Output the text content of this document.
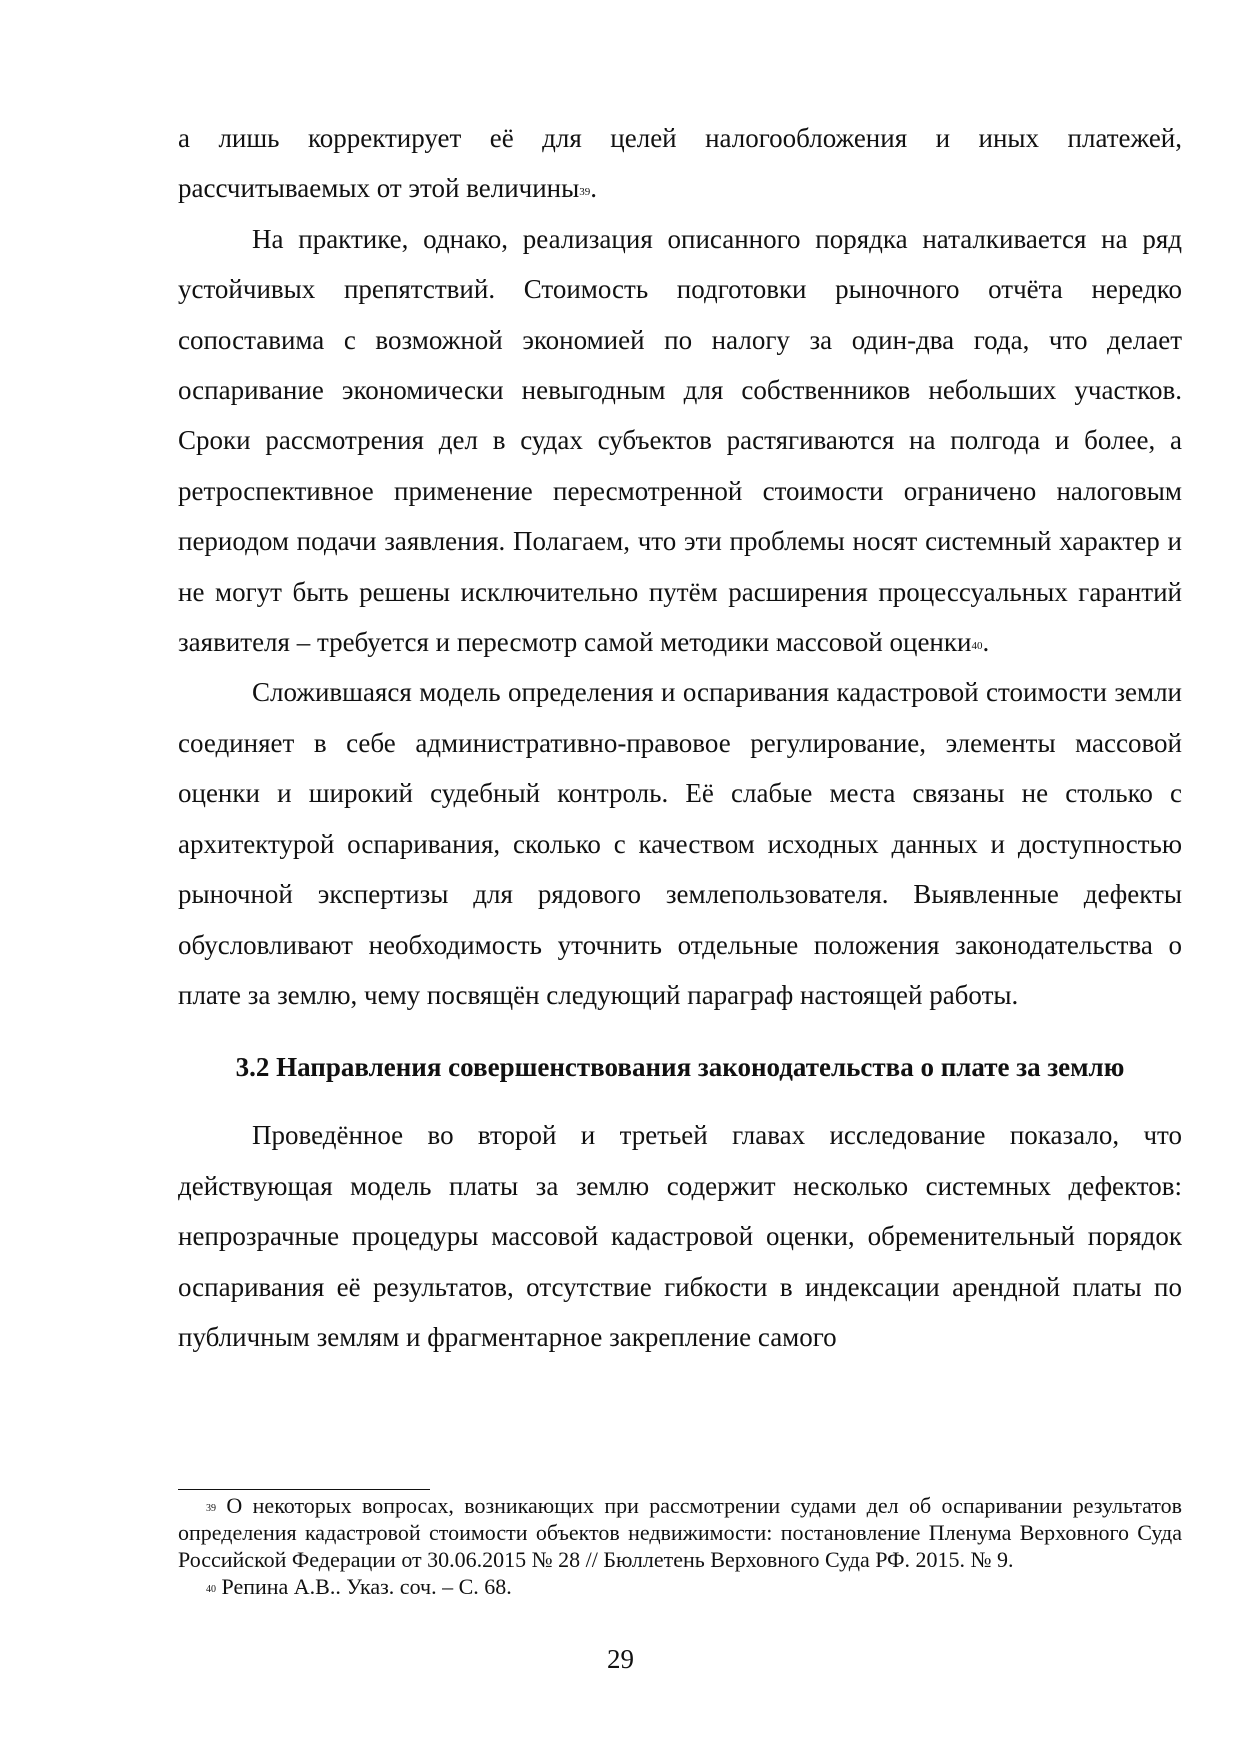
а лишь корректирует её для целей налогообложения и иных платежей, рассчитываемых от этой величины$^{39}$.

На практике, однако, реализация описанного порядка наталкивается на ряд устойчивых препятствий. Стоимость подготовки рыночного отчёта нередко сопоставима с возможной экономией по налогу за один-два года, что делает оспаривание экономически невыгодным для собственников небольших участков. Сроки рассмотрения дел в судах субъектов растягиваются на полгода и более, а ретроспективное применение пересмотренной стоимости ограничено налоговым периодом подачи заявления. Полагаем, что эти проблемы носят системный характер и не могут быть решены исключительно путём расширения процессуальных гарантий заявителя – требуется и пересмотр самой методики массовой оценки$^{40}$.

Сложившаяся модель определения и оспаривания кадастровой стоимости земли соединяет в себе административно-правовое регулирование, элементы массовой оценки и широкий судебный контроль. Её слабые места связаны не столько с архитектурой оспаривания, сколько с качеством исходных данных и доступностью рыночной экспертизы для рядового землепользователя. Выявленные дефекты обусловливают необходимость уточнить отдельные положения законодательства о плате за землю, чему посвящён следующий параграф настоящей работы.

3.2 Направления совершенствования законодательства о плате за землю

Проведённое во второй и третьей главах исследование показало, что действующая модель платы за землю содержит несколько системных дефектов: непрозрачные процедуры массовой кадастровой оценки, обременительный порядок оспаривания её результатов, отсутствие гибкости в индексации арендной платы по публичным землям и фрагментарное закрепление самого

$^{39}$ О некоторых вопросах, возникающих при рассмотрении судами дел об оспаривании результатов определения кадастровой стоимости объектов недвижимости: постановление Пленума Верховного Суда Российской Федерации от 30.06.2015 № 28 // Бюллетень Верховного Суда РФ. 2015. № 9.

$^{40}$ Репина А.В.. Указ. соч. – С. 68.

29
